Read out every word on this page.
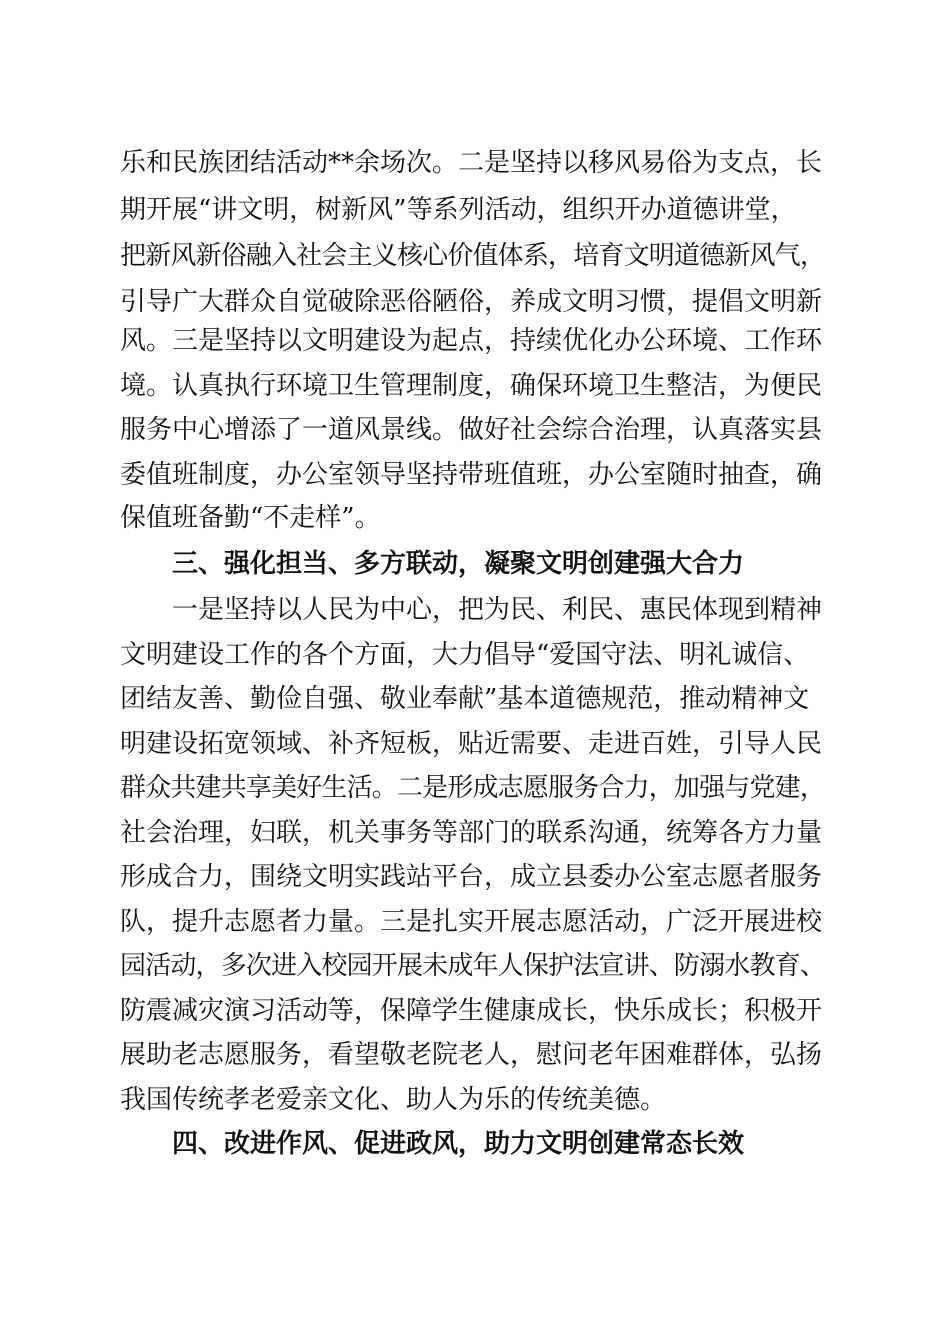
乐和民族团结活动**余场次。二是坚持以移风易俗为支点，长
期开展“讲文明，树新风”等系列活动，组织开办道德讲堂，
把新风新俗融入社会主义核心价值体系，培育文明道德新风气，
引导广大群众自觉破除恶俗陋俗，养成文明习惯，提倡文明新
风。三是坚持以文明建设为起点，持续优化办公环境、工作环
境。认真执行环境卫生管理制度，确保环境卫生整洁，为便民
服务中心增添了一道风景线。做好社会综合治理，认真落实县
委值班制度，办公室领导坚持带班值班，办公室随时抽查，确
保值班备勤“不走样”。
三、强化担当、多方联动，凝聚文明创建强大合力
一是坚持以人民为中心，把为民、利民、惠民体现到精神
文明建设工作的各个方面，大力倡导“爱国守法、明礼诚信、
团结友善、勤俭自强、敬业奉献”基本道德规范，推动精神文
明建设拓宽领域、补齐短板，贴近需要、走进百姓，引导人民
群众共建共享美好生活。二是形成志愿服务合力，加强与党建，
社会治理，妇联，机关事务等部门的联系沟通，统筹各方力量
形成合力，围绕文明实践站平台，成立县委办公室志愿者服务
队，提升志愿者力量。三是扎实开展志愿活动，广泛开展进校
园活动，多次进入校园开展未成年人保护法宣讲、防溺水教育、
防震减灾演习活动等，保障学生健康成长，快乐成长；积极开
展助老志愿服务，看望敬老院老人，慰问老年困难群体，弘扬
我国传统孝老爱亲文化、助人为乐的传统美德。
四、改进作风、促进政风，助力文明创建常态长效
